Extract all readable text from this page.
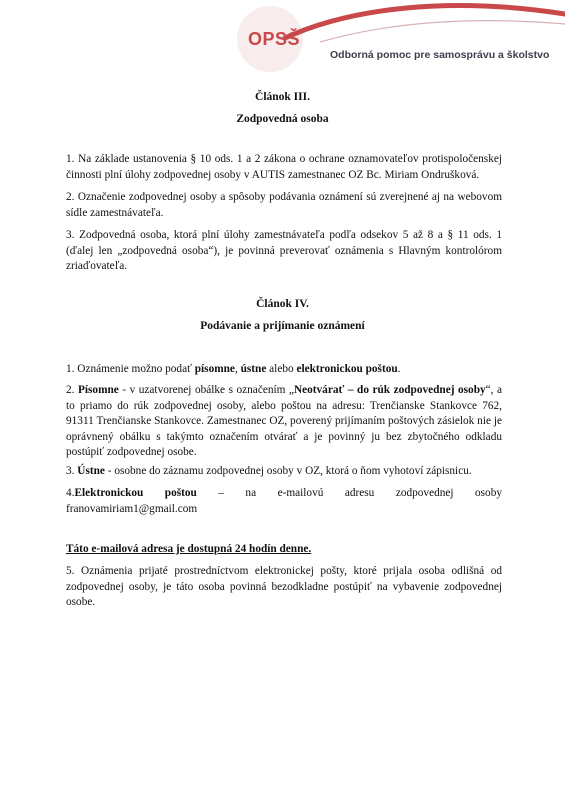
OPSŠ
Odborná pomoc pre samosprávu a školstvo
Článok III.
Zodpovedná osoba

1. Na základe ustanovenia § 10 ods. 1 a 2 zákona o ochrane oznamovateľov protispoločenskej činnosti plní úlohy zodpovednej osoby v AUTIS zamestnanec OZ Bc. Miriam Ondrušková.

2. Označenie zodpovednej osoby a spôsoby podávania oznámení sú zverejnené aj na webovom sídle zamestnávateľa.

3. Zodpovedná osoba, ktorá plní úlohy zamestnávateľa podľa odsekov 5 až 8 a § 11 ods. 1 (ďalej len „zodpovedná osoba“), je povinná preverovať oznámenia s Hlavným kontrolórom zriaďovateľa.

Článok IV.
Podávanie a prijímanie oznámení

1. Oznámenie možno podať písomne, ústne alebo elektronickou poštou.

2. Písomne - v uzatvorenej obálke s označením „Neotvárať – do rúk zodpovednej osoby“, a to priamo do rúk zodpovednej osoby, alebo poštou na adresu: Trenčianske Stankovce 762, 91311 Trenčianske Stankovce. Zamestnanec OZ, poverený prijímaním poštových zásielok nie je oprávnený obálku s takýmto označením otvárať a je povinný ju bez zbytočného odkladu postúpiť zodpovednej osobe.

3. Ústne - osobne do záznamu zodpovednej osoby v OZ, ktorá o ňom vyhotoví zápisnicu.

4.Elektronickou poštou – na e-mailovú adresu zodpovednej osoby franovamiriam1@gmail.com

Táto e-mailová adresa je dostupná 24 hodín denne.

5. Oznámenia prijaté prostredníctvom elektronickej pošty, ktoré prijala osoba odlišná od zodpovednej osoby, je táto osoba povinná bezodkladne postúpiť na vybavenie zodpovednej osobe.
